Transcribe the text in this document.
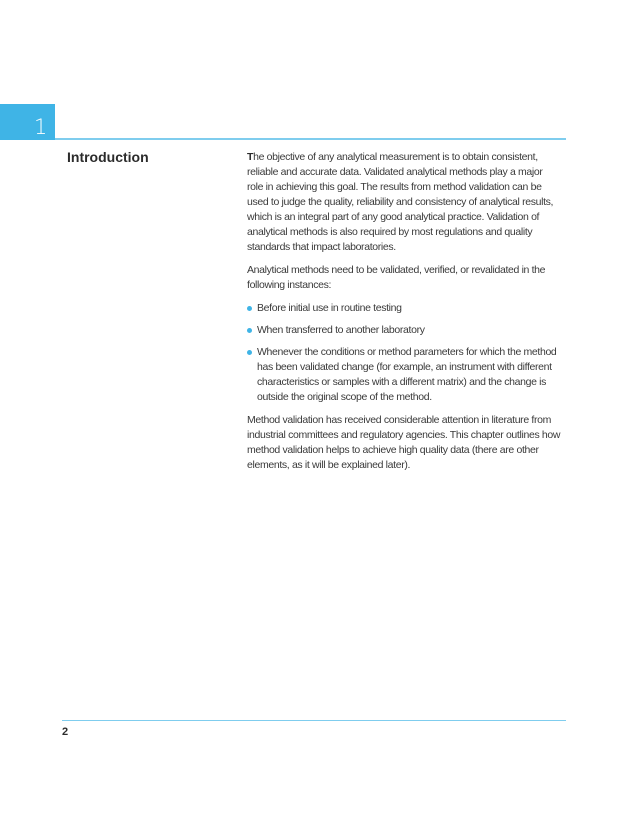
1
Introduction	The objective of any analytical measurement is to obtain consistent, reliable and accurate data. Validated analytical methods play a major role in achieving this goal. The results from method validation can be used to judge the quality, reliability and consistency of analytical results, which is an integral part of any good analytical practice. Validation of analytical methods is also required by most regulations and quality standards that impact laboratories.

Analytical methods need to be validated, verified, or revalidated in the following instances:

Before initial use in routine testing
When transferred to another laboratory
Whenever the conditions or method parameters for which the method has been validated change (for example, an instrument with different characteristics or samples with a different matrix) and the change is outside the original scope of the method.

Method validation has received considerable attention in literature from industrial committees and regulatory agencies. This chapter outlines how method validation helps to achieve high quality data (there are other elements, as it will be explained later).

2
